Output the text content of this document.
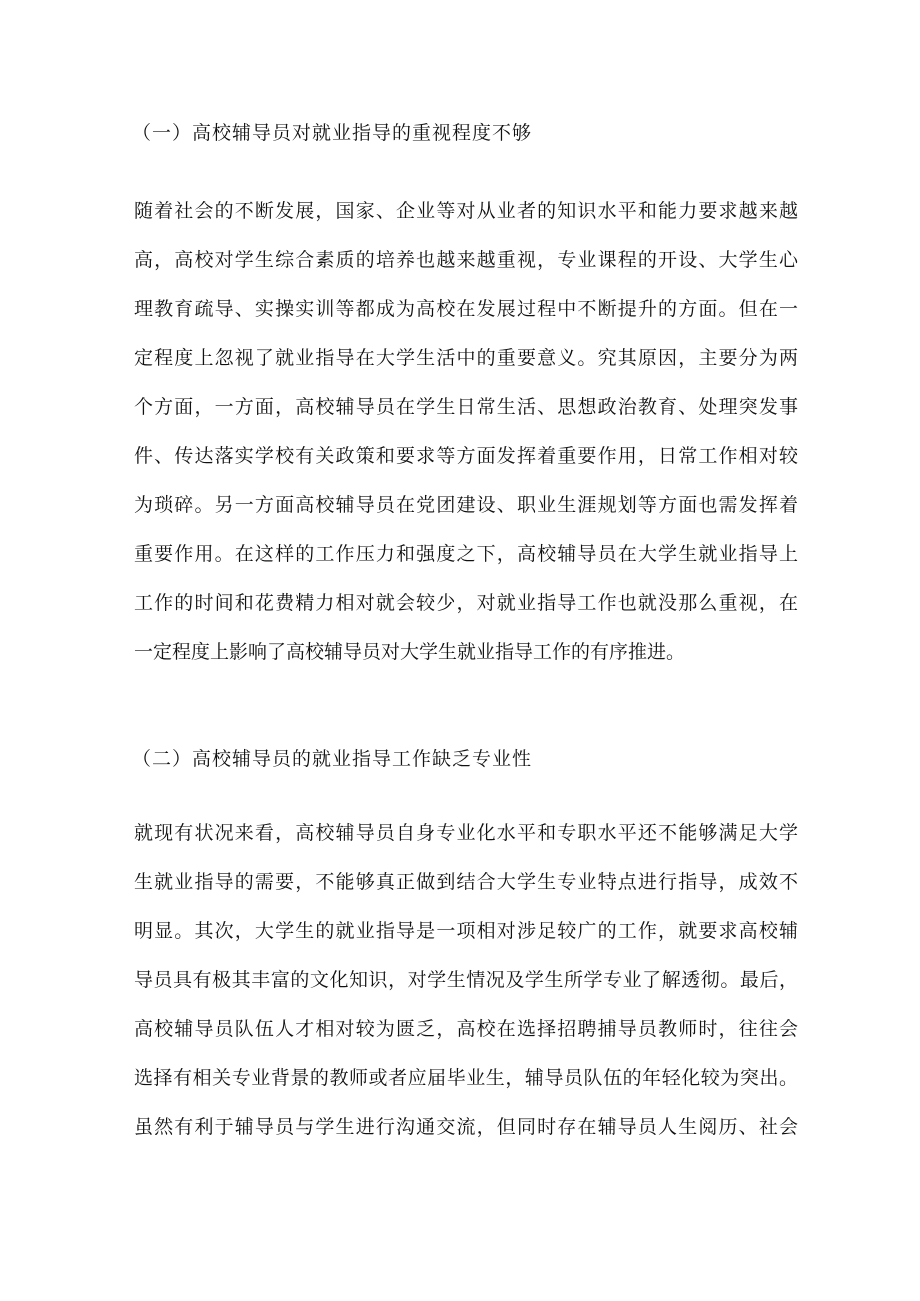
（一）高校辅导员对就业指导的重视程度不够
随着社会的不断发展，国家、企业等对从业者的知识水平和能力要求越来越
高，高校对学生综合素质的培养也越来越重视，专业课程的开设、大学生心
理教育疏导、实操实训等都成为高校在发展过程中不断提升的方面。但在一
定程度上忽视了就业指导在大学生活中的重要意义。究其原因，主要分为两
个方面，一方面，高校辅导员在学生日常生活、思想政治教育、处理突发事
件、传达落实学校有关政策和要求等方面发挥着重要作用，日常工作相对较
为琐碎。另一方面高校辅导员在党团建设、职业生涯规划等方面也需发挥着
重要作用。在这样的工作压力和强度之下，高校辅导员在大学生就业指导上
工作的时间和花费精力相对就会较少，对就业指导工作也就没那么重视，在
一定程度上影响了高校辅导员对大学生就业指导工作的有序推进。
（二）高校辅导员的就业指导工作缺乏专业性
就现有状况来看，高校辅导员自身专业化水平和专职水平还不能够满足大学
生就业指导的需要，不能够真正做到结合大学生专业特点进行指导，成效不
明显。其次，大学生的就业指导是一项相对涉足较广的工作，就要求高校辅
导员具有极其丰富的文化知识，对学生情况及学生所学专业了解透彻。最后，
高校辅导员队伍人才相对较为匮乏，高校在选择招聘捕导员教师时，往往会
选择有相关专业背景的教师或者应届毕业生，辅导员队伍的年轻化较为突出。
虽然有利于辅导员与学生进行沟通交流，但同时存在辅导员人生阅历、社会
